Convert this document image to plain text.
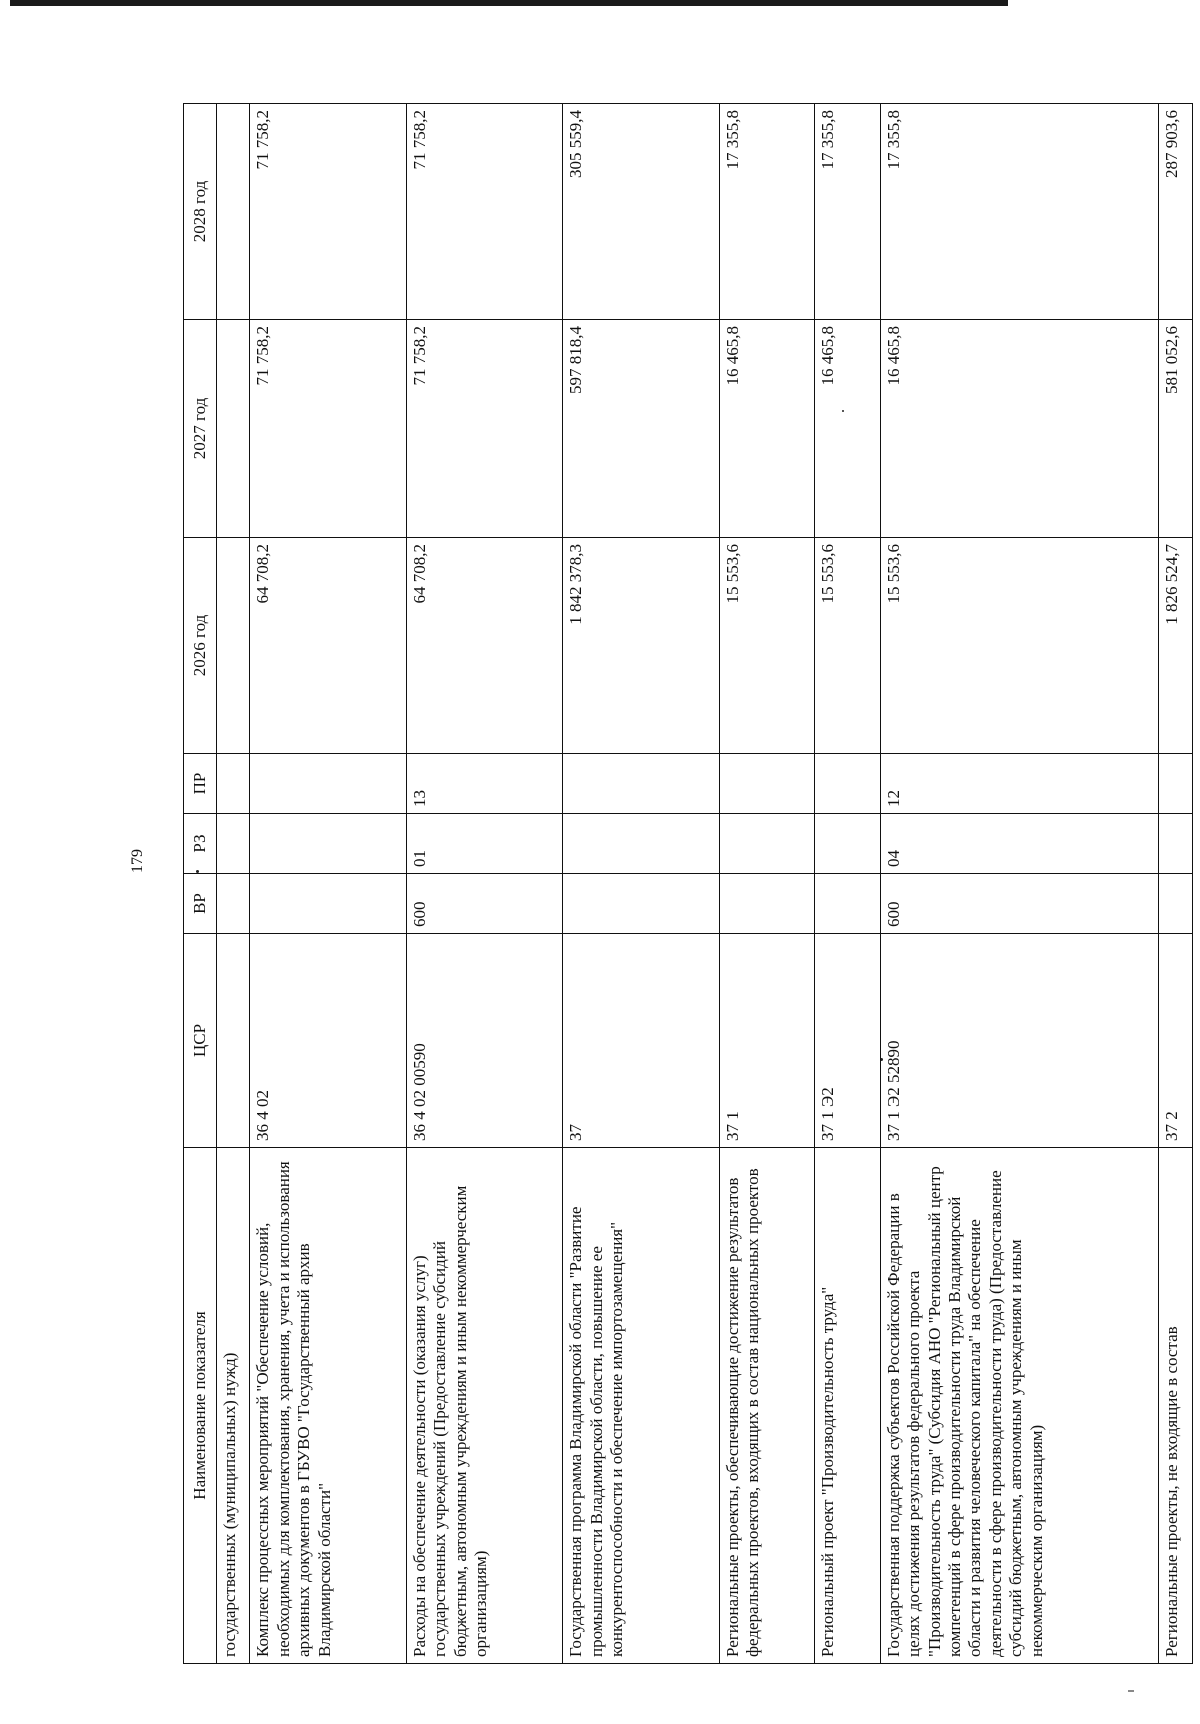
179
Наименование показателя	ЦСР	ВР	РЗ	ПР	2026 год	2027 год	2028 год
государственных (муниципальных) нужд)							
Комплекс процессных мероприятий "Обеспечение условий, необходимых для комплектования, хранения, учета и использования архивных документов в ГБУВО "Государственный архив Владимирской области"	36 4 02				64 708,2	71 758,2	71 758,2
Расходы на обеспечение деятельности (оказания услуг) государственных учреждений (Предоставление субсидий бюджетным, автономным учреждениям и иным некоммерческим организациям)	36 4 02 00590	600	01	13	64 708,2	71 758,2	71 758,2
Государственная программа Владимирской области "Развитие промышленности Владимирской области, повышение ее конкурентоспособности и обеспечение импортозамещения"	37				1 842 378,3	597 818,4	305 559,4
Региональные проекты, обеспечивающие достижение результатов федеральных проектов, входящих в состав национальных проектов	37 1				15 553,6	16 465,8	17 355,8
Региональный проект "Производительность труда"	37 1 Э2				15 553,6	16 465,8	17 355,8
Государственная поддержка субъектов Российской Федерации в целях достижения результатов федерального проекта "Производительность труда" (Субсидия АНО "Региональный центр компетенций в сфере производительности труда Владимирской области и развития человеческого капитала" на обеспечение деятельности в сфере производительности труда) (Предоставление субсидий бюджетным, автономным учреждениям и иным некоммерческим организациям)	37 1 Э2 52890	600	04	12	15 553,6	16 465,8	17 355,8
Региональные проекты, не входящие в состав	37 2				1 826 524,7	581 052,6	287 903,6
